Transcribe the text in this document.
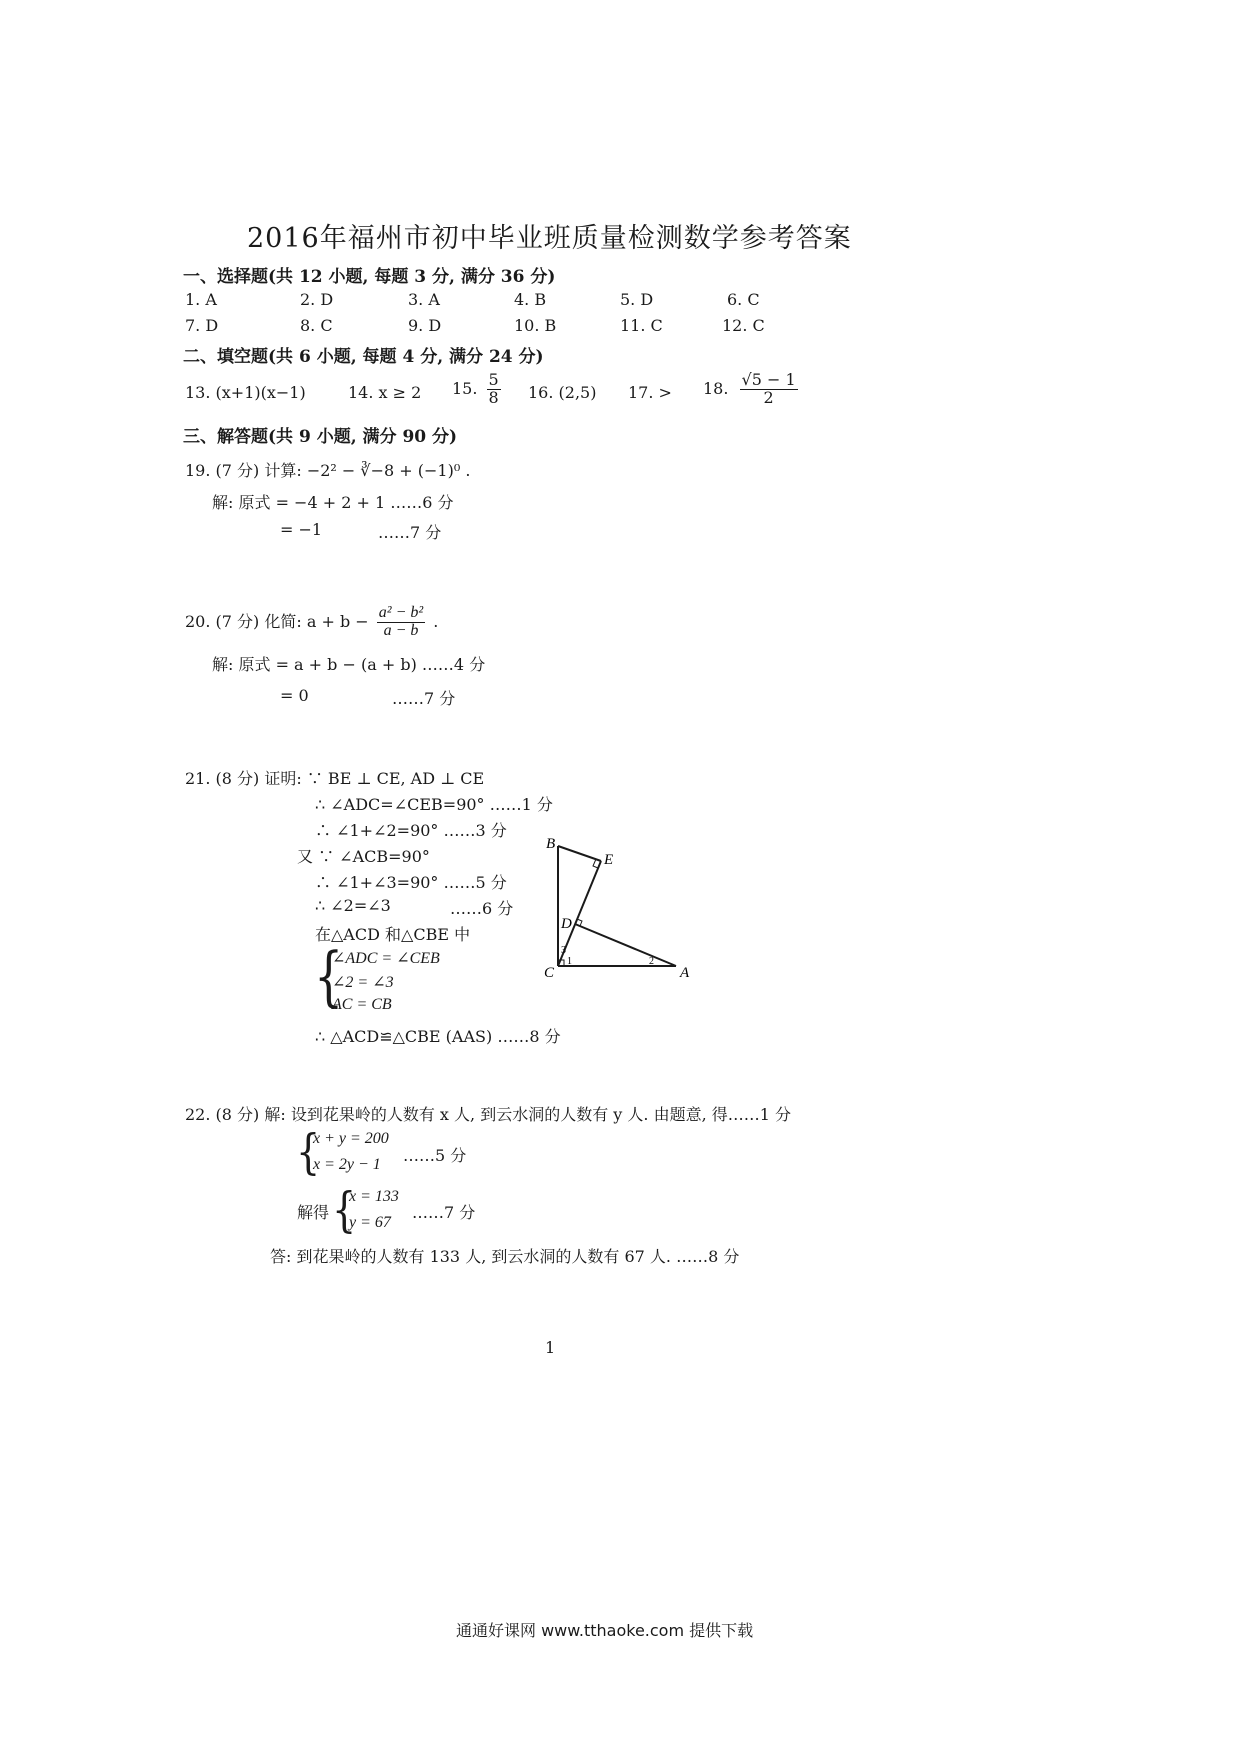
2016年福州市初中毕业班质量检测数学参考答案
一、选择题(共 12 小题, 每题 3 分, 满分 36 分)
1. A	2. D	3. A	4. B	5. D	6. C
7. D	8. C	9. D	10. B	11. C	12. C
二、填空题(共 6 小题, 每题 4 分, 满分 24 分)
13. (x+1)(x−1)	14. x ≥ 2 15. $\frac{5}{8} 16$. (2,5) 17. > 18. $\frac{√5 - 1}{2}$
三、解答题(共 9 小题, 满分 90 分)
19. (7 分) 计算: −2² − ∛−8 + (−1)⁰ .
解: 原式 = −4 + 2 + 1 ……6 分
= −1	……7 分
20. (7 分) 化简: $a + b - \frac{\text{a² − b²}}{a - b}$ .
解: 原式 = a + b − (a + b) ……4 分
= 0	……7 分
21. (8 分) 证明: ∵ BE ⊥ CE, AD ⊥ CE
∴ ∠ADC=∠CEB=90° ……1 分
∴ ∠1+∠2=90° ……3 分
又 ∵ ∠ACB=90°
∴ ∠1+∠3=90° ……5 分
∴ ∠2=∠3	……6 分
在△ACD 和△CBE 中
{
∠ADC = ∠CEB
∠2 = ∠3
AC = CB
∴ △ACD≌△CBE (AAS) ……8 分
B
E
D
C	A
1	2
3
22. (8 分) 解: 设到花果岭的人数有 x 人, 到云水洞的人数有 y 人. 由题意, 得……1 分
{
x + y = 200
x = 2y − 1 ……5 分
解得 {
x = 133
y = 67
……7 分
答: 到花果岭的人数有 133 人, 到云水洞的人数有 67 人. ……8 分
1
通通好课网 www.tthaoke.com 提供下载
